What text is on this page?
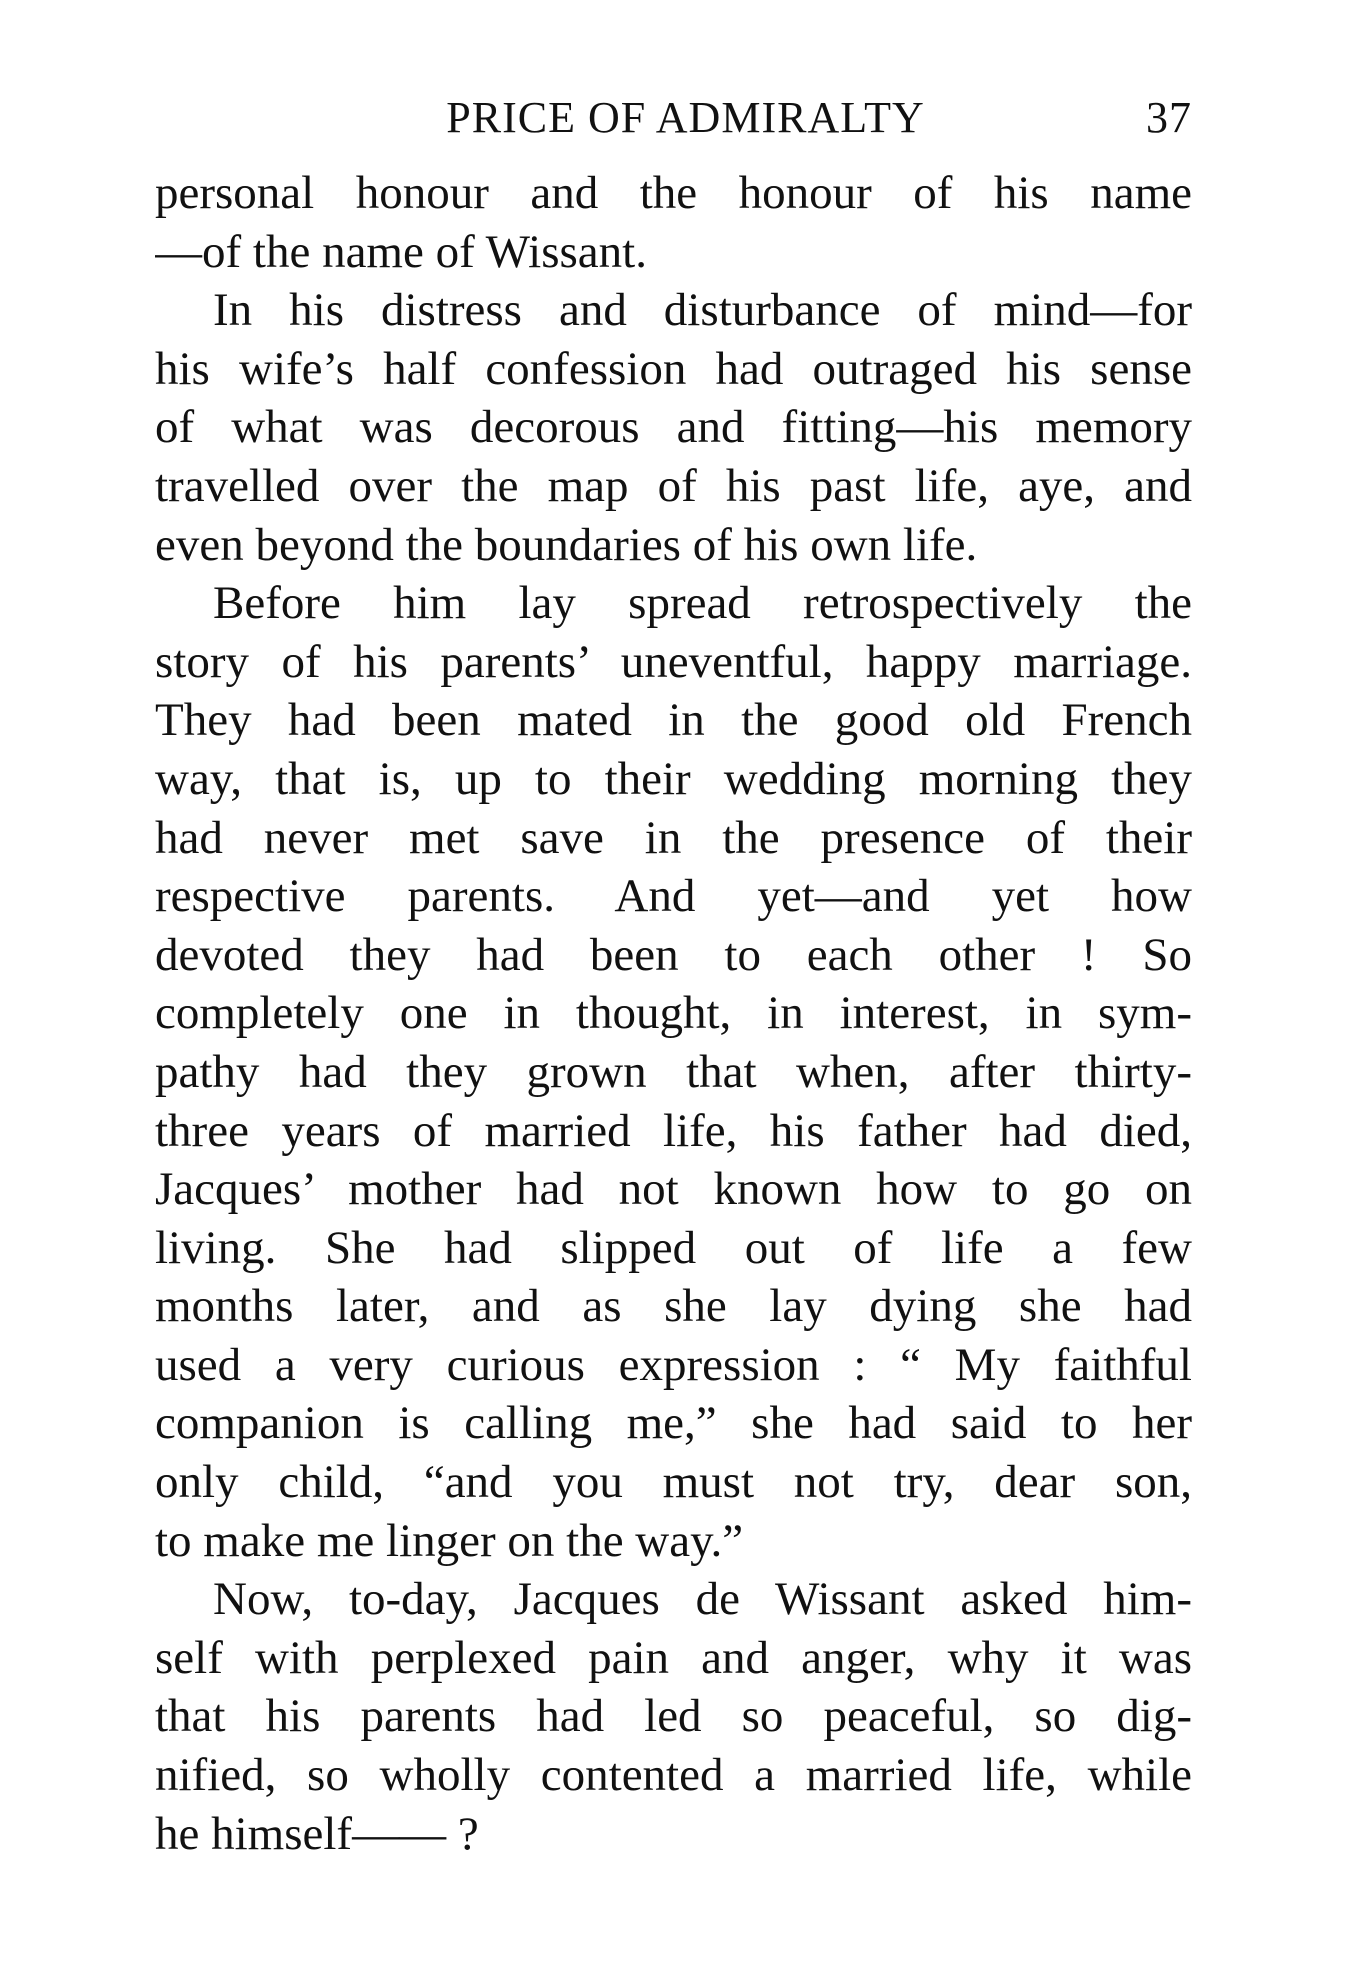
PRICE OF ADMIRALTY	37
personal honour and the honour of his name
—of the name of Wissant.
In his distress and disturbance of mind—for
his wife’s half confession had outraged his sense
of what was decorous and fitting—his memory
travelled over the map of his past life, aye, and
even beyond the boundaries of his own life.
Before him lay spread retrospectively the
story of his parents’ uneventful, happy marriage.
They had been mated in the good old French
way, that is, up to their wedding morning they
had never met save in the presence of their
respective parents. And yet—and yet how
devoted they had been to each other ! So
completely one in thought, in interest, in sym-
pathy had they grown that when, after thirty-
three years of married life, his father had died,
Jacques’ mother had not known how to go on
living. She had slipped out of life a few
months later, and as she lay dying she had
used a very curious expression : “ My faithful
companion is calling me,” she had said to her
only child, “and you must not try, dear son,
to make me linger on the way.”
Now, to-day, Jacques de Wissant asked him-
self with perplexed pain and anger, why it was
that his parents had led so peaceful, so dig-
nified, so wholly contented a married life, while
he himself—— ?
